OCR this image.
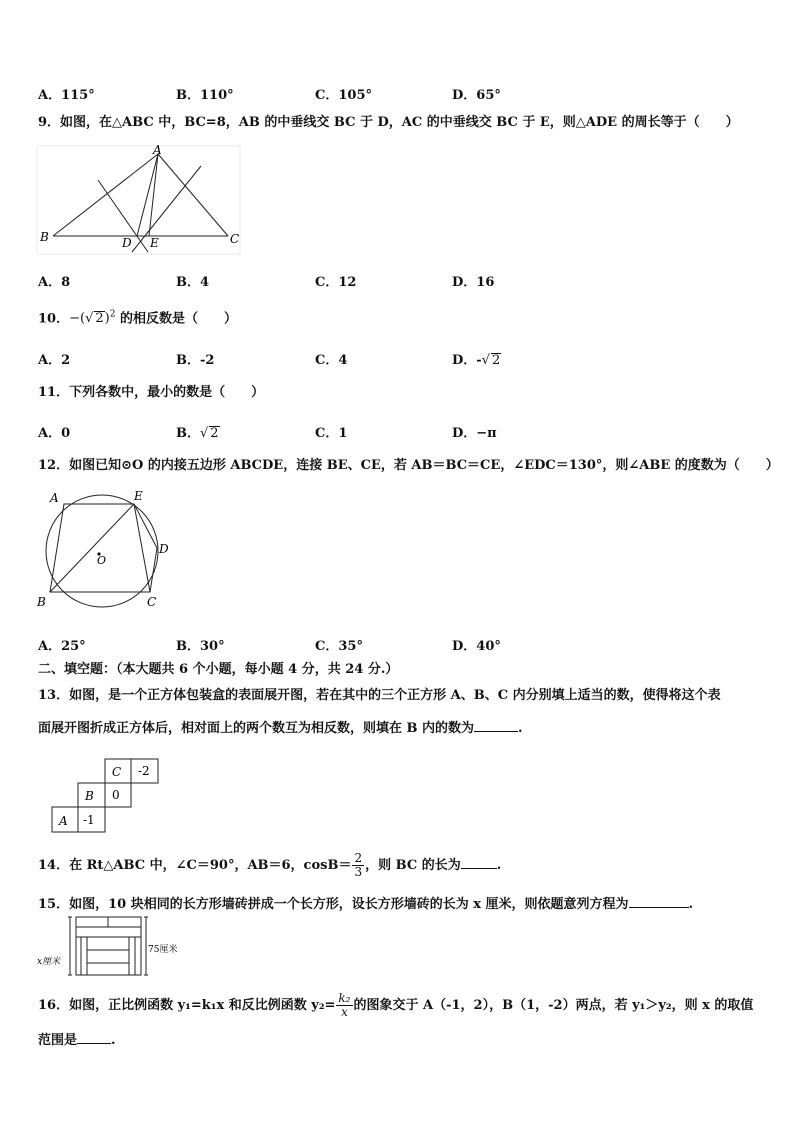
A．115°	B．110°	C．105°	D．65°
9．如图，在△ABC 中，BC=8，AB 的中垂线交 BC 于 D，AC 的中垂线交 BC 于 E，则△ADE 的周长等于（　　）
A
B	C
D E
A．8	B．4	C．12	D．16
10．−(√ 2)$^2$ 的相反数是（　　）
A．2	B．-2	C．4	D．-√ 2
11．下列各数中，最小的数是（　　）
A．0	B．√ 2	C．1	D．−π
12．如图已知⊙O 的内接五边形 ABCDE，连接 BE、CE，若 AB＝BC＝CE，∠EDC＝130°，则∠ABE 的度数为（　　）
A	E
D
C
B
O
A．25°	B．30°	C．35°	D．40°
二、填空题：（本大题共 6 个小题，每小题 4 分，共 24 分.）
13．如图，是一个正方体包装盒的表面展开图，若在其中的三个正方形 A、B、C 内分别填上适当的数，使得将这个表
面展开图折成正方体后，相对面上的两个数互为相反数，则填在 B 内的数为	.
C -2
B 0
A -1
14．在 Rt△ABC 中，∠C＝90°，AB＝6，$\cos B= \frac{2}{3}$ ，则 BC 的长为	.
15．如图，10 块相同的长方形墙砖拼成一个长方形，设长方形墙砖的长为 x 厘米，则依题意列方程为	.
x厘米
75厘米
16．如图，正比例函数 y₁=k₁x 和反比例函数 $y_2= \frac{\text{k₂}}{x}$ 的图象交于 A（-1，2），B（1，-2）两点，若 y₁＞y₂，则 x 的取值
范围是	.
